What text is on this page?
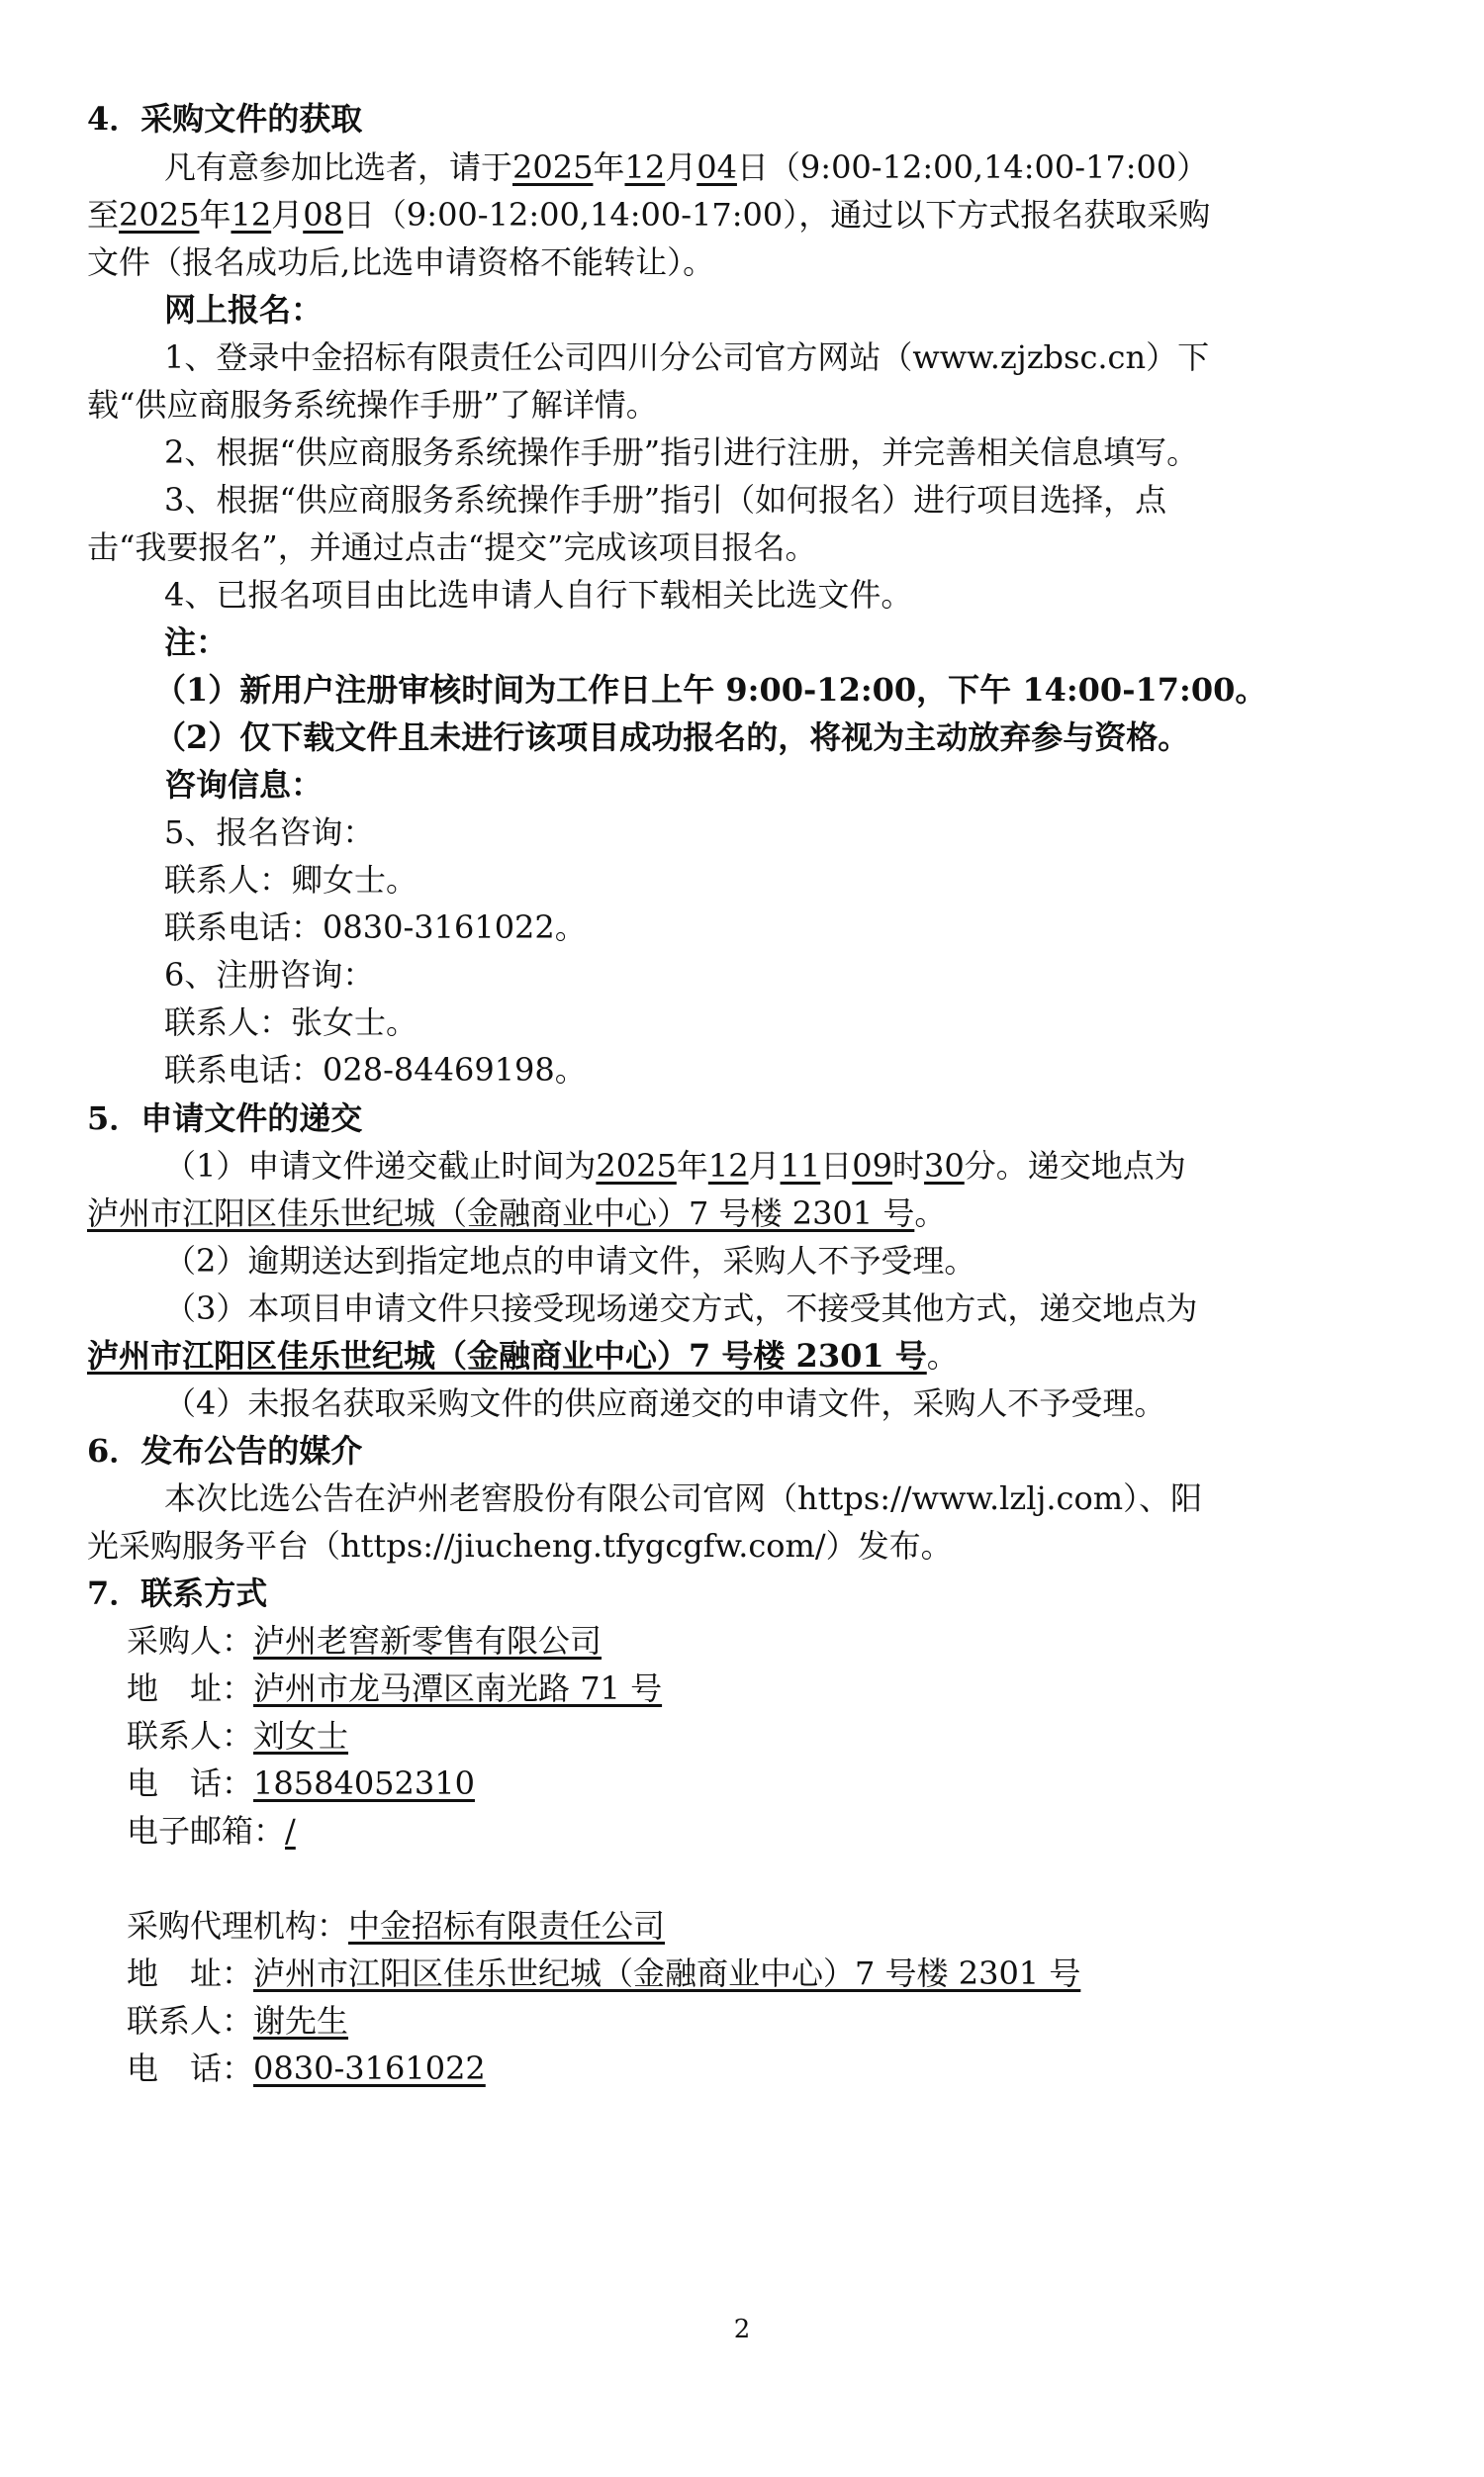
4．采购文件的获取
凡有意参加比选者，请于2025年12月04日（9:00-12:00,14:00-17:00）
至2025年12月08日（9:00-12:00,14:00-17:00），通过以下方式报名获取采购
文件（报名成功后,比选申请资格不能转让）。
网上报名：
1、登录中金招标有限责任公司四川分公司官方网站（www.zjzbsc.cn）下
载“供应商服务系统操作手册”了解详情。
2、根据“供应商服务系统操作手册”指引进行注册，并完善相关信息填写。
3、根据“供应商服务系统操作手册”指引（如何报名）进行项目选择，点
击“我要报名”，并通过点击“提交”完成该项目报名。
4、已报名项目由比选申请人自行下载相关比选文件。
注：
（1）新用户注册审核时间为工作日上午 9:00-12:00，下午 14:00-17:00。
（2）仅下载文件且未进行该项目成功报名的，将视为主动放弃参与资格。
咨询信息：
5、报名咨询：
联系人：卿女士。
联系电话：0830-3161022。
6、注册咨询：
联系人：张女士。
联系电话：028-84469198。
5．申请文件的递交
（1）申请文件递交截止时间为2025年12月11日09时30分。递交地点为
泸州市江阳区佳乐世纪城（金融商业中心）7 号楼 2301 号。
（2）逾期送达到指定地点的申请文件，采购人不予受理。
（3）本项目申请文件只接受现场递交方式，不接受其他方式，递交地点为
泸州市江阳区佳乐世纪城（金融商业中心）7 号楼 2301 号。
（4）未报名获取采购文件的供应商递交的申请文件，采购人不予受理。
6．发布公告的媒介
本次比选公告在泸州老窖股份有限公司官网（https://www.lzlj.com）、阳
光采购服务平台（https://jiucheng.tfygcgfw.com/）发布。
7．联系方式
采购人：泸州老窖新零售有限公司
地　址：泸州市龙马潭区南光路 71 号
联系人：刘女士
电　话：18584052310
电子邮箱：/
采购代理机构：中金招标有限责任公司
地　址：泸州市江阳区佳乐世纪城（金融商业中心）7 号楼 2301 号
联系人：谢先生
电　话：0830-3161022
2
